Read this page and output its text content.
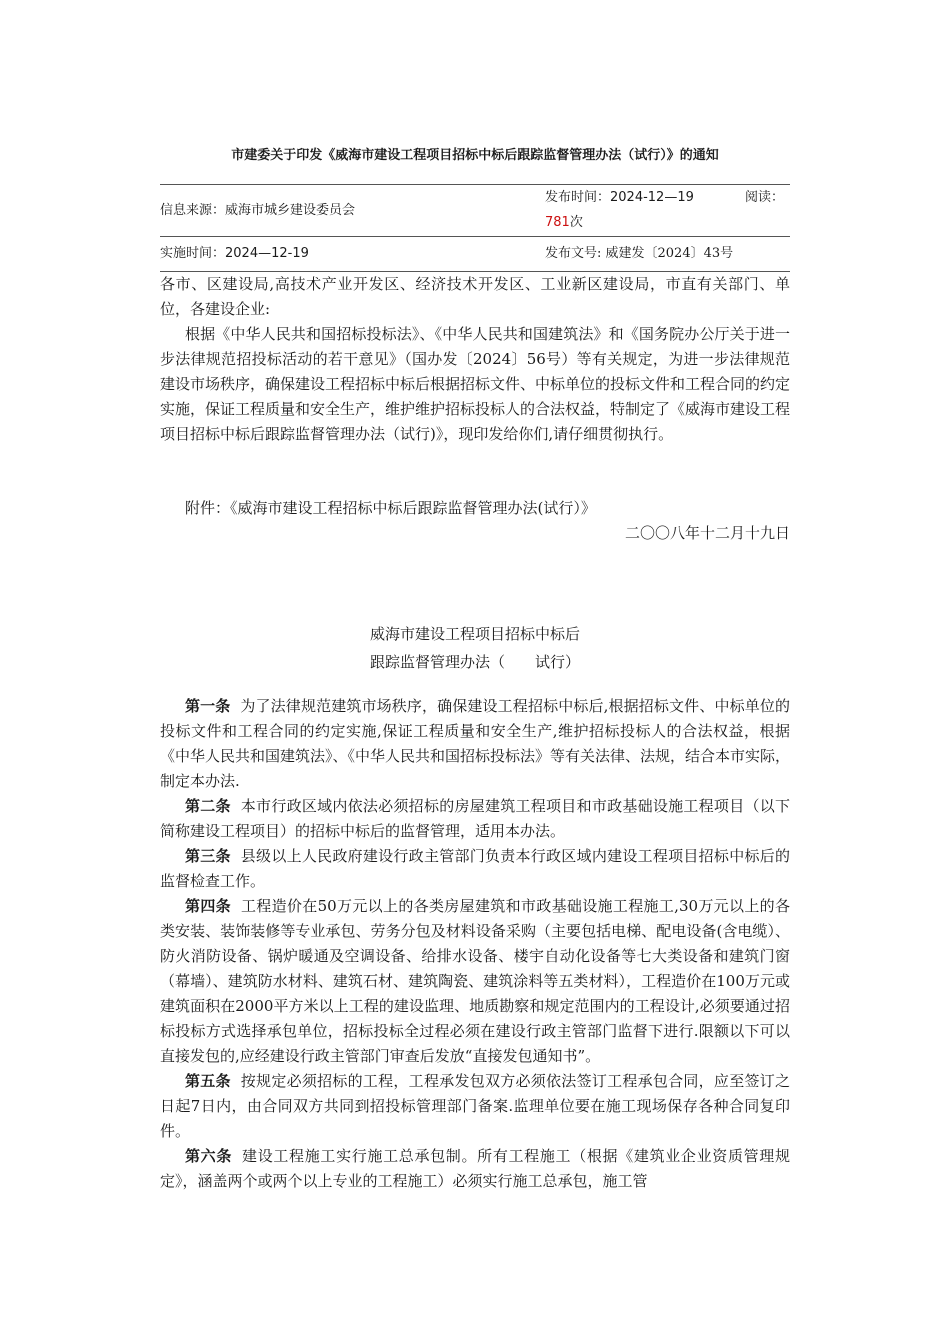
市建委关于印发《威海市建设工程项目招标中标后跟踪监督管理办法（试行）》的通知
信息来源：威海市城乡建设委员会
发布时间：2024-12—19	阅读：
781次
实施时间：2024—12-19	发布文号: 威建发〔2024〕43号

各市、区建设局,高技术产业开发区、经济技术开发区、工业新区建设局，市直有关部门、单位，各建设企业:

根据《中华人民共和国招标投标法》、《中华人民共和国建筑法》和《国务院办公厅关于进一步法律规范招投标活动的若干意见》（国办发〔2024〕56号）等有关规定，为进一步法律规范建设市场秩序，确保建设工程招标中标后根据招标文件、中标单位的投标文件和工程合同的约定实施，保证工程质量和安全生产，维护维护招标投标人的合法权益，特制定了《威海市建设工程项目招标中标后跟踪监督管理办法（试行)》，现印发给你们,请仔细贯彻执行。

附件：《威海市建设工程招标中标后跟踪监督管理办法(试行）》

二〇〇八年十二月十九日

威海市建设工程项目招标中标后
跟踪监督管理办法（　　试行）

第一条 为了法律规范建筑市场秩序，确保建设工程招标中标后,根据招标文件、中标单位的投标文件和工程合同的约定实施,保证工程质量和安全生产,维护招标投标人的合法权益，根据《中华人民共和国建筑法》、《中华人民共和国招标投标法》等有关法律、法规，结合本市实际，制定本办法.

第二条 本市行政区域内依法必须招标的房屋建筑工程项目和市政基础设施工程项目（以下简称建设工程项目）的招标中标后的监督管理，适用本办法。

第三条 县级以上人民政府建设行政主管部门负责本行政区域内建设工程项目招标中标后的监督检查工作。

第四条 工程造价在50万元以上的各类房屋建筑和市政基础设施工程施工,30万元以上的各类安装、装饰装修等专业承包、劳务分包及材料设备采购（主要包括电梯、配电设备(含电缆）、防火消防设备、锅炉暖通及空调设备、给排水设备、楼宇自动化设备等七大类设备和建筑门窗（幕墙）、建筑防水材料、建筑石材、建筑陶瓷、建筑涂料等五类材料），工程造价在100万元或建筑面积在2000平方米以上工程的建设监理、地质勘察和规定范围内的工程设计,必须要通过招标投标方式选择承包单位，招标投标全过程必须在建设行政主管部门监督下进行.限额以下可以直接发包的,应经建设行政主管部门审查后发放“直接发包通知书”。

第五条 按规定必须招标的工程，工程承发包双方必须依法签订工程承包合同，应至签订之日起7日内，由合同双方共同到招投标管理部门备案.监理单位要在施工现场保存各种合同复印件。

第六条 建设工程施工实行施工总承包制。所有工程施工（根据《建筑业企业资质管理规定》，涵盖两个或两个以上专业的工程施工）必须实行施工总承包，施工管
